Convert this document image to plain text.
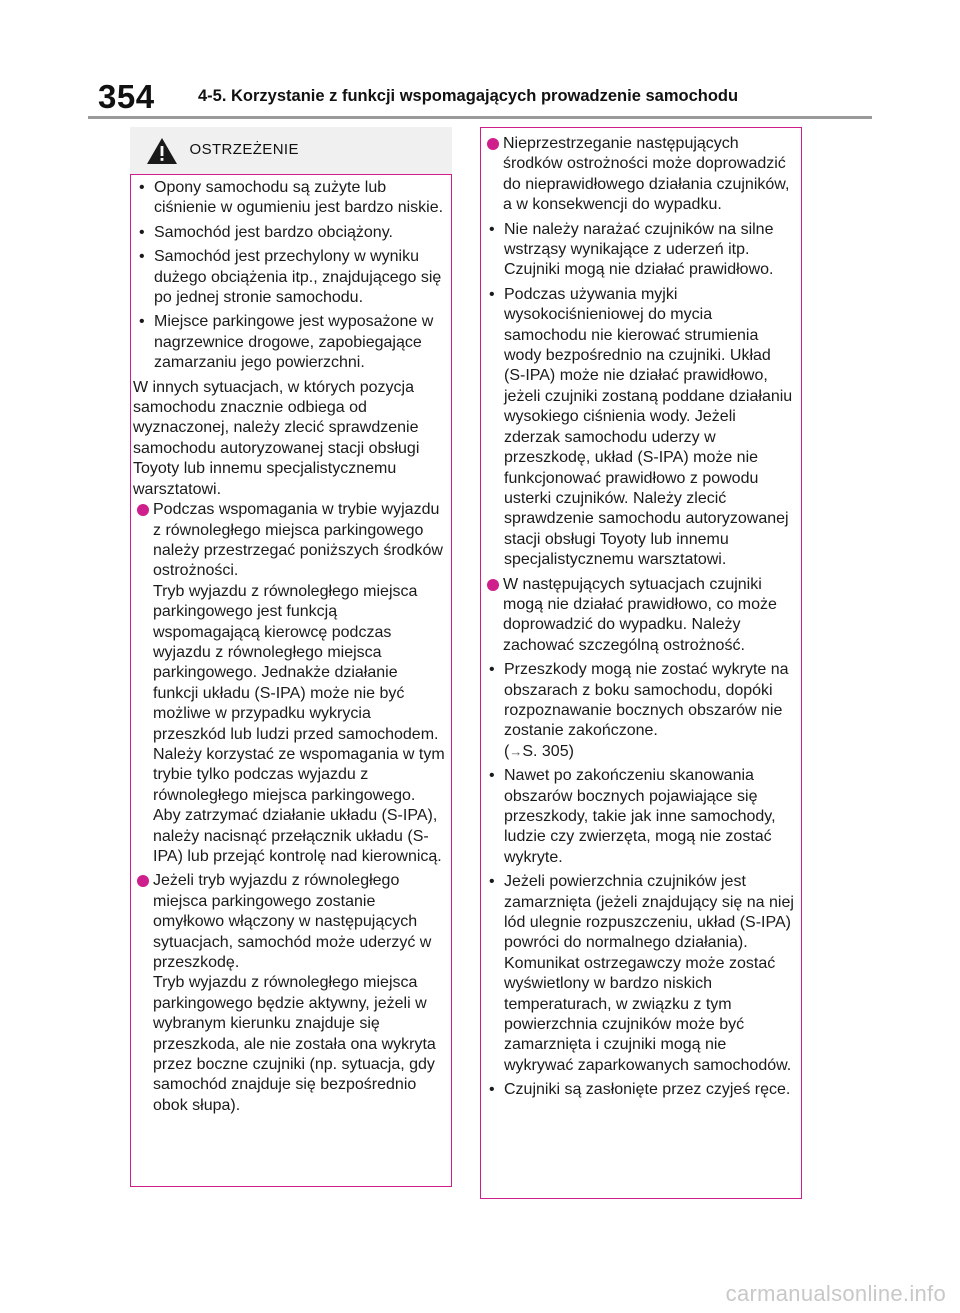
354	4-5. Korzystanie z funkcji wspomagających prowadzenie samochodu
OSTRZEŻENIE
• Opony samochodu są zużyte lub ciśnienie w ogumieniu jest bardzo niskie.

• Samochód jest bardzo obciążony.

• Samochód jest przechylony w wyniku dużego obciążenia itp., znajdującego się po jednej stronie samochodu.

• Miejsce parkingowe jest wyposażone w nagrzewnice drogowe, zapobiegające zamarzaniu jego powierzchni.

W innych sytuacjach, w których pozycja samochodu znacznie odbiega od wyznaczonej, należy zlecić sprawdzenie samochodu autoryzowanej stacji obsługi Toyoty lub innemu specjalistycznemu warsztatowi.

Podczas wspomagania w trybie wyjazdu z równoległego miejsca parkingowego należy przestrzegać poniższych środków ostrożności.

Tryb wyjazdu z równoległego miejsca parkingowego jest funkcją wspomagającą kierowcę podczas wyjazdu z równoległego miejsca parkingowego. Jednakże działanie funkcji układu (S-IPA) może nie być możliwe w przypadku wykrycia przeszkód lub ludzi przed samochodem. Należy korzystać ze wspomagania w tym trybie tylko podczas wyjazdu z równoległego miejsca parkingowego. Aby zatrzymać działanie układu (S-IPA), należy nacisnąć przełącznik układu (S-IPA) lub przejąć kontrolę nad kierownicą.

Jeżeli tryb wyjazdu z równoległego miejsca parkingowego zostanie omyłkowo włączony w następujących sytuacjach, samochód może uderzyć w przeszkodę.

Tryb wyjazdu z równoległego miejsca parkingowego będzie aktywny, jeżeli w wybranym kierunku znajduje się przeszkoda, ale nie została ona wykryta przez boczne czujniki (np. sytuacja, gdy samochód znajduje się bezpośrednio obok słupa).

Nieprzestrzeganie następujących środków ostrożności może doprowadzić do nieprawidłowego działania czujników, a w konsekwencji do wypadku.

• Nie należy narażać czujników na silne wstrząsy wynikające z uderzeń itp. Czujniki mogą nie działać prawidłowo.

• Podczas używania myjki wysokociśnieniowej do mycia samochodu nie kierować strumienia wody bezpośrednio na czujniki. Układ (S-IPA) może nie działać prawidłowo, jeżeli czujniki zostaną poddane działaniu wysokiego ciśnienia wody. Jeżeli zderzak samochodu uderzy w przeszkodę, układ (S-IPA) może nie funkcjonować prawidłowo z powodu usterki czujników. Należy zlecić sprawdzenie samochodu autoryzowanej stacji obsługi Toyoty lub innemu specjalistycznemu warsztatowi.

W następujących sytuacjach czujniki mogą nie działać prawidłowo, co może doprowadzić do wypadku. Należy zachować szczególną ostrożność.

• Przeszkody mogą nie zostać wykryte na obszarach z boku samochodu, dopóki rozpoznawanie bocznych obszarów nie zostanie zakończone.
(→S. 305)

• Nawet po zakończeniu skanowania obszarów bocznych pojawiające się przeszkody, takie jak inne samochody, ludzie czy zwierzęta, mogą nie zostać wykryte.

• Jeżeli powierzchnia czujników jest zamarznięta (jeżeli znajdujący się na niej lód ulegnie rozpuszczeniu, układ (S-IPA) powróci do normalnego działania). Komunikat ostrzegawczy może zostać wyświetlony w bardzo niskich temperaturach, w związku z tym powierzchnia czujników może być zamarznięta i czujniki mogą nie wykrywać zaparkowanych samochodów.

• Czujniki są zasłonięte przez czyjeś ręce.

carmanualsonline.info
